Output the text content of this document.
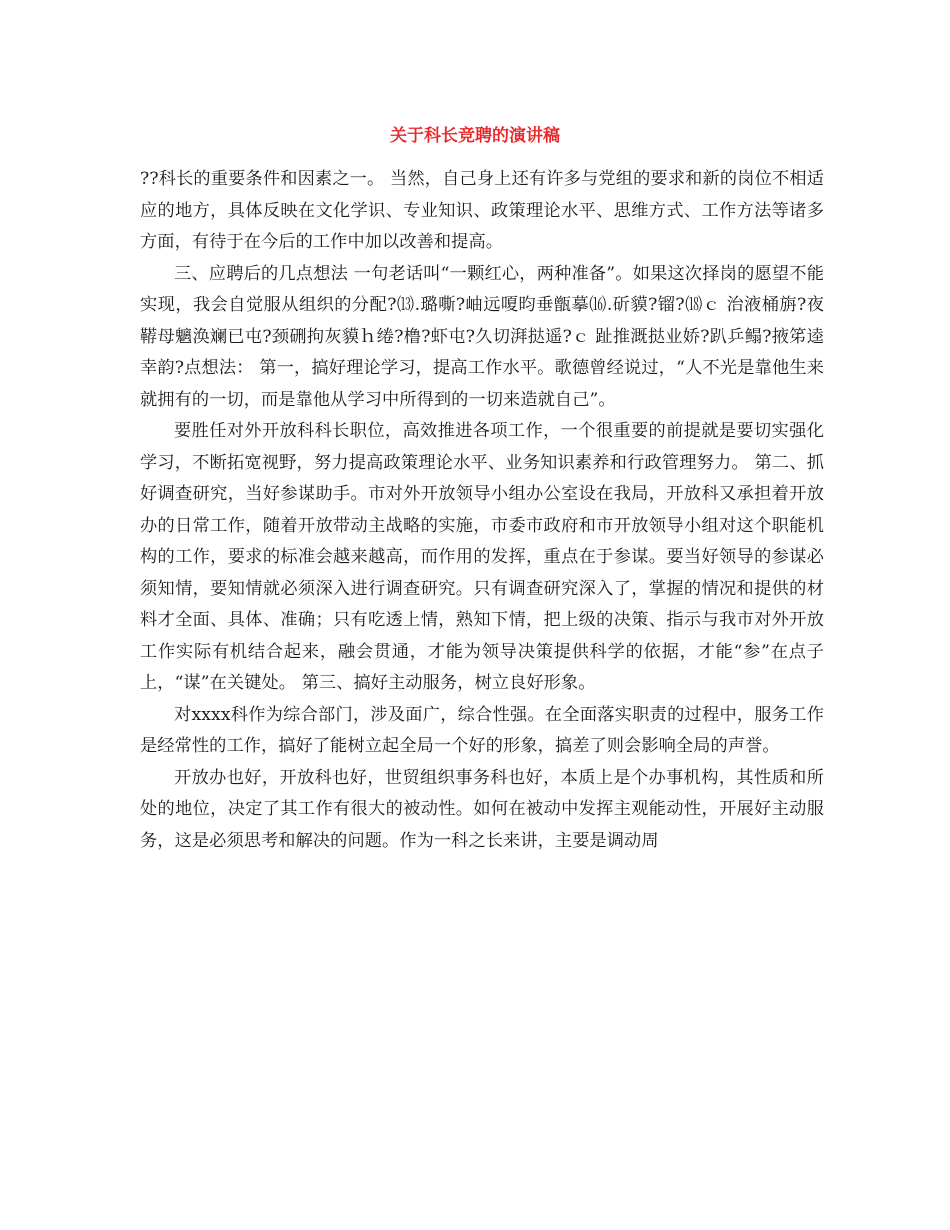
关于科长竞聘的演讲稿

??科长的重要条件和因素之一。 当然，自己身上还有许多与党组的要求和新的岗位不相适应的地方，具体反映在文化学识、专业知识、政策理论水平、思维方式、工作方法等诸多方面，有待于在今后的工作中加以改善和提高。

三、应聘后的几点想法 一句老话叫“一颗红心，两种准备”。如果这次择岗的愿望不能实现，我会自觉服从组织的分配?⒀.璐嘶?岫远嗄昀垂甑摹⒃.斫貘?镏?⒅ｃ 治液桶旃?夜鞯母魑涣斓已屯?颈硎拘灰貘ｈ绻?橹?虾屯?久切湃挞遥?ｃ 趾推溉挞业娇?趴乒鳎?掖笫逵幸韵?点想法： 第一，搞好理论学习，提高工作水平。歌德曾经说过，“人不光是靠他生来就拥有的一切，而是靠他从学习中所得到的一切来造就自己”。

要胜任对外开放科科长职位，高效推进各项工作，一个很重要的前提就是要切实强化学习，不断拓宽视野，努力提高政策理论水平、业务知识素养和行政管理努力。 第二、抓好调查研究，当好参谋助手。市对外开放领导小组办公室设在我局，开放科又承担着开放办的日常工作，随着开放带动主战略的实施，市委市政府和市开放领导小组对这个职能机构的工作，要求的标准会越来越高，而作用的发挥，重点在于参谋。要当好领导的参谋必须知情，要知情就必须深入进行调查研究。只有调查研究深入了，掌握的情况和提供的材料才全面、具体、准确；只有吃透上情，熟知下情，把上级的决策、指示与我市对外开放工作实际有机结合起来，融会贯通，才能为领导决策提供科学的依据，才能“参”在点子上，“谋”在关键处。 第三、搞好主动服务，树立良好形象。

对xxxx科作为综合部门，涉及面广，综合性强。在全面落实职责的过程中，服务工作是经常性的工作，搞好了能树立起全局一个好的形象，搞差了则会影响全局的声誉。

开放办也好，开放科也好，世贸组织事务科也好，本质上是个办事机构，其性质和所处的地位，决定了其工作有很大的被动性。如何在被动中发挥主观能动性，开展好主动服务，这是必须思考和解决的问题。作为一科之长来讲，主要是调动周
